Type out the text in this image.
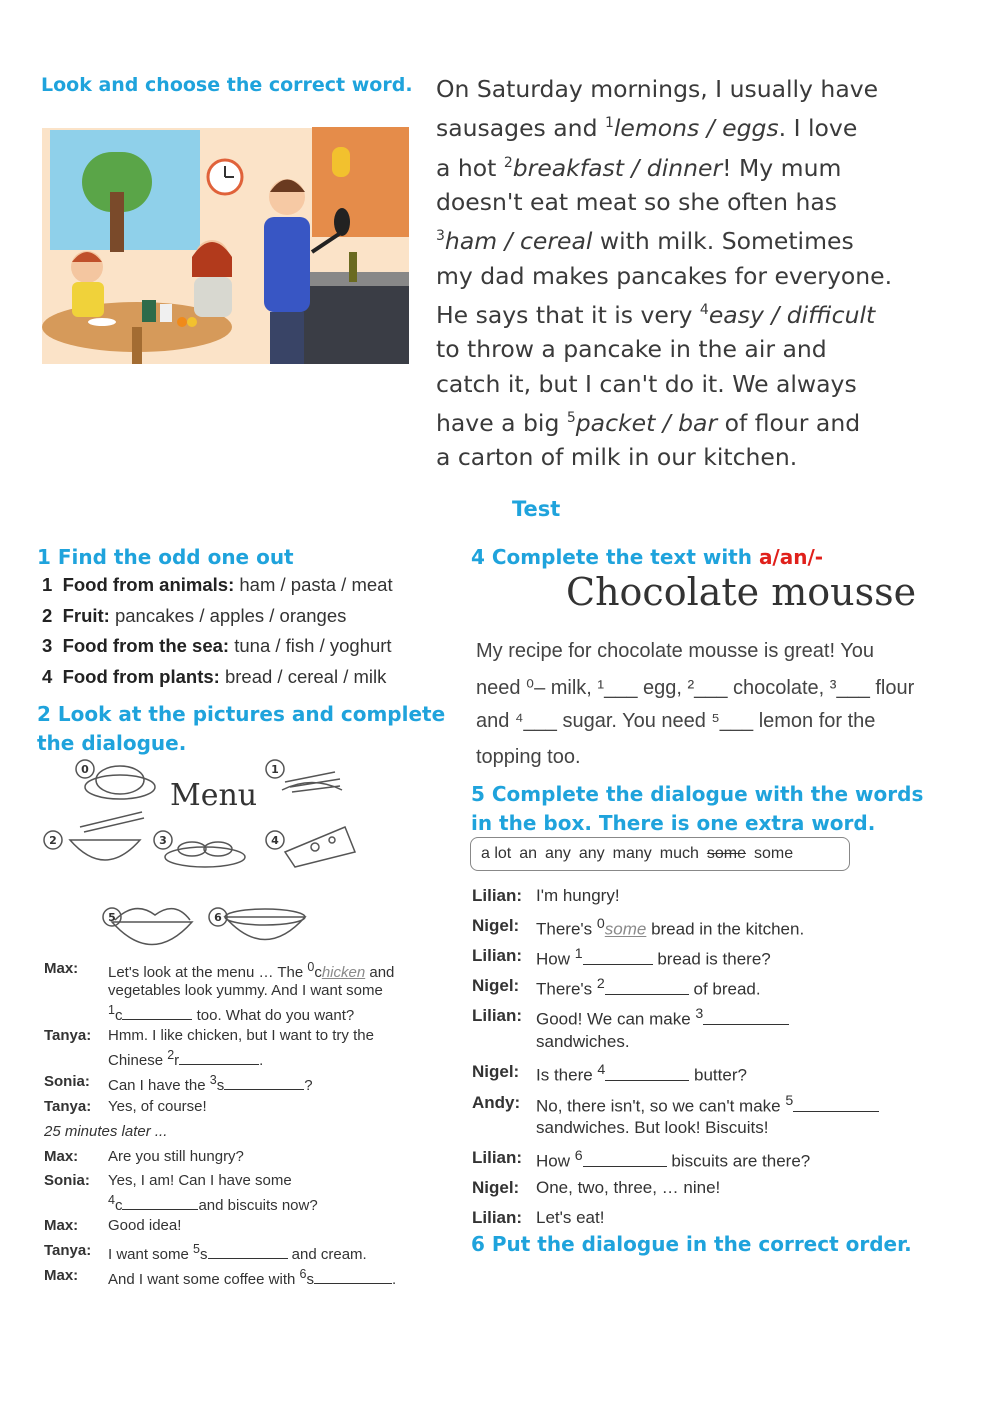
Look and choose the correct word. On Saturday mornings, I usually have
sausages and $^1$lemons / eggs. I love
a hot $^2$breakfast / dinner! My mum
doesn't eat meat so she often has
$^3$ham / cereal with milk. Sometimes
my dad makes pancakes for everyone.
He says that it is very $^4$easy / difficult
to throw a pancake in the air and
catch it, but I can't do it. We always
have a big $^5$packet / bar of flour and
a carton of milk in our kitchen.
Test
1 Find the odd one out
1 Food from animals: ham / pasta / meat
2 Fruit: pancakes / apples / oranges
3 Food from the sea: tuna / fish / yoghurt
4 Food from plants: bread / cereal / milk
2 Look at the pictures and complete the dialogue.
0	1
2	3	4
5	6
Menu
Max: Let's look at the menu … The $^0$chicken and
vegetables look yummy. And I want some
$^1$c	too. What do you want?
Tanya: Hmm. I like chicken, but I want to try the
Chinese $^2$r	.
Sonia: Can I have the $^3$s	?
Tanya: Yes, of course!
25 minutes later ...
Max: Are you still hungry?
Sonia: Yes, I am! Can I have some
$^4$c	and biscuits now?
Max: Good idea!
Tanya: I want some $^5$s	and cream.
Max: And I want some coffee with $^6$s	.
4 Complete the text with a/an/-
Chocolate mousse
My recipe for chocolate mousse is great! You
need ⁰– milk, ¹___ egg, ²___ chocolate, ³___ flour
and ⁴___ sugar. You need ⁵___ lemon for the
topping too.
5 Complete the dialogue with the words in the box. There is one extra word.
a lot an any any many much some some
Lilian: I'm hungry!
Nigel: There's $^0$some bread in the kitchen.
Lilian: How $^1$	bread is there?
Nigel: There's $^2$	of bread.
Lilian: Good! We can make $^3$
sandwiches.
Nigel: Is there $^4$	butter?
Andy: No, there isn't, so we can't make $^5$
sandwiches. But look! Biscuits!
Lilian: How $^6$	biscuits are there?
Nigel: One, two, three, … nine!
Lilian: Let's eat!
6 Put the dialogue in the correct order.
